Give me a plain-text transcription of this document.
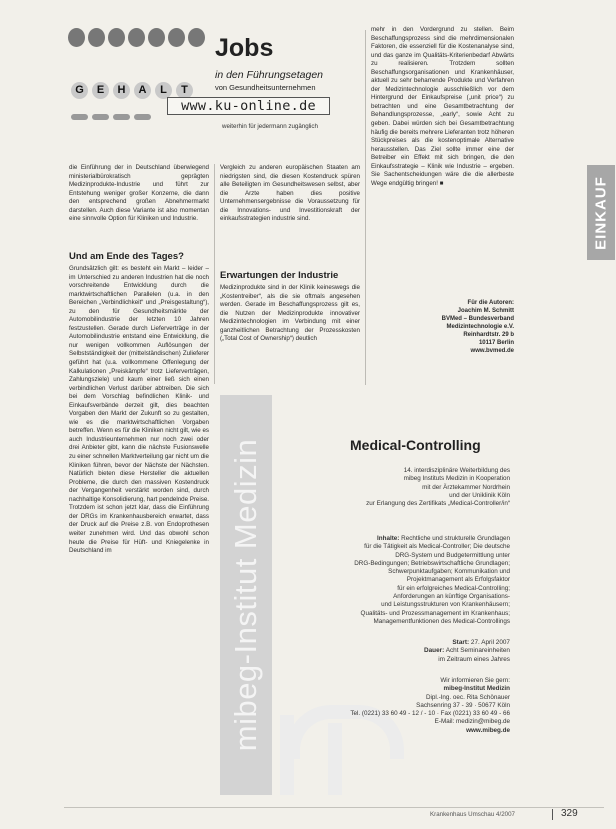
G	E	H	A	L	T
Jobs
in den Führungsetagen
von Gesundheitsunternehmen
www.ku-online.de
weiterhin für jedermann zugänglich

die Einführung der in Deutschland überwiegend ministerialbürokratisch geprägten Medizinprodukte-Industrie und führt zur Entstehung weniger großer Konzerne, die dann den entsprechend großen Abnehmermarkt darstellen. Auch diese Variante ist also momentan eine sinnvolle Option für Kliniken und Industrie.

Und am Ende des Tages?

Grundsätzlich gilt: es besteht ein Markt – leider – im Unterschied zu anderen Industrien hat die noch vorschreitende Entwicklung durch die marktwirtschaftlichen Parallelen (u.a. in den Bereichen „Verbindlichkeit“ und „Preisgestaltung“), zu den für Gesundheitsmärkte der Automobilindustrie der letzten 10 Jahren festzustellen. Gerade durch Lieferverträge in der Automobilindustrie entstand eine Entwicklung, die nur wenigen vollkommen Auflösungen der Selbstständigkeit der (mittelständischen) Zulieferer geführt hat (u.a. vollkommene Offenlegung der Kalkulationen „Preiskämpfe“ trotz Lieferverträgen, Zahlungsziele) und kaum einer ließ sich einen verbindlichen Verlust darüber abtreiben. Die sich bei dem Vorschlag befindlichen Klinik- und Einkaufsverbände derzeit gilt, dies beachten Vorgaben den Markt der Zukunft so zu gestalten, wie es die marktwirtschaftlichen Vorgaben betreffen. Wenn es für die Kliniken nicht gilt, wie es auch Industrieunternehmen nur noch zwei oder drei Anbieter gibt, kann die nächste Fusionswelle zu einer schnellen Marktverteilung gar nicht um die Kliniken führen, bevor der Nächste der Nächsten. Natürlich bieten diese Hersteller die aktuellen Probleme, die durch den massiven Kostendruck der Vergangenheit verstärkt worden sind, durch nachhaltige Konsolidierung, hart pendelnde Preise. Trotzdem ist schon jetzt klar, dass die Einführung der DRGs im Krankenhausbereich erwartet, dass der Druck auf die Preise z.B. von Endoprothesen weiter zunehmen wird. Und das obwohl schon heute die Preise für Hüft- und Kniegelenke in Deutschland im

Vergleich zu anderen europäischen Staaten am niedrigsten sind, die diesen Kostendruck spüren alle Beteiligten im Gesundheitswesen selbst, aber die Arzte haben dies positive Unternehmensergebnisse die Voraussetzung für die Innovations- und Investitionskraft der einkaufsstrategien industrie sind.

Erwartungen der Industrie

Medizinprodukte sind in der Klinik keineswegs die „Kostentreiber“, als die sie oftmals angesehen werden. Gerade im Beschaffungsprozess gilt es, die Nutzen der Medizinprodukte innovativer Medizintechnologien im Verbindung mit einer ganzheitlichen Betrachtung der Prozesskosten („Total Cost of Ownership“) deutlich

mehr in den Vordergrund zu stellen. Beim Beschaffungsprozess sind die mehrdimensionalen Faktoren, die essenziell für die Kostenanalyse sind, und das ganze im Qualitäts-Kriterienbedarf Abwärts zu realisieren. Trotzdem sollten Beschaffungsorganisationen und Krankenhäuser, aktuell zu sehr beharrende Produkte und Verfahren der Medizintechnologie ausschließlich vor dem Hintergrund der Einkaufspreise („unit price“) zu betrachten und eine Gesamtbetrachtung der Behandlungsprozesse, „early“, sowie Acht zu geben. Dabei würden sich bei Gesamtbetrachtung häufig die bereits mehrere Lieferanten trotz höheren Stückpreises als die kostenoptimale Alternative herausstellen. Das Ziel sollte immer eine der Betreiber ein Effekt mit sich bringen, die den Einkaufsstrategie – Klinik wie Industrie – ergeben. Sie Sachentscheidungen wäre die die allerbeste Wege endgültig bringen! ■

Für die Autoren:
Joachim M. Schmitt
BVMed – Bundesverband
Medizintechnologie e.V.
Reinhardtstr. 29 b
10117 Berlin
www.bvmed.de
EINKAUF
mibeg-Institut Medizin	Medical-Controlling

14. interdisziplinäre Weiterbildung des

mibeg Instituts Medizin in Kooperation

mit der Ärztekammer Nordrhein

und der Uniklinik Köln

zur Erlangung des Zertifikats „Medical-Controller/in“

Inhalte: Rechtliche und strukturelle Grundlagen

für die Tätigkeit als Medical-Controller; Die deutsche

DRG-System und Budgetermittlung unter

DRG-Bedingungen; Betriebswirtschaftliche Grundlagen;

Schwerpunktaufgaben; Kommunikation und

Projektmanagement als Erfolgsfaktor

für ein erfolgreiches Medical-Controlling;

Anforderungen an künftige Organisations-

und Leistungsstrukturen von Krankenhäusern;

Qualitäts- und Prozessmanagement im Krankenhaus;

Managementfunktionen des Medical-Controllings

Start: 27. April 2007

Dauer: Acht Seminareinheiten

im Zeitraum eines Jahres

Wir informieren Sie gern:

mibeg-Institut Medizin

Dipl.-Ing. oec. Rita Schönauer

Sachsenring 37 - 39 · 50677 Köln

Tel. (0221) 33 60 49 - 12 / - 10 · Fax (0221) 33 60 49 - 66

E-Mail: medizin@mibeg.de

www.mibeg.de

Krankenhaus Umschau 4/2007	329
